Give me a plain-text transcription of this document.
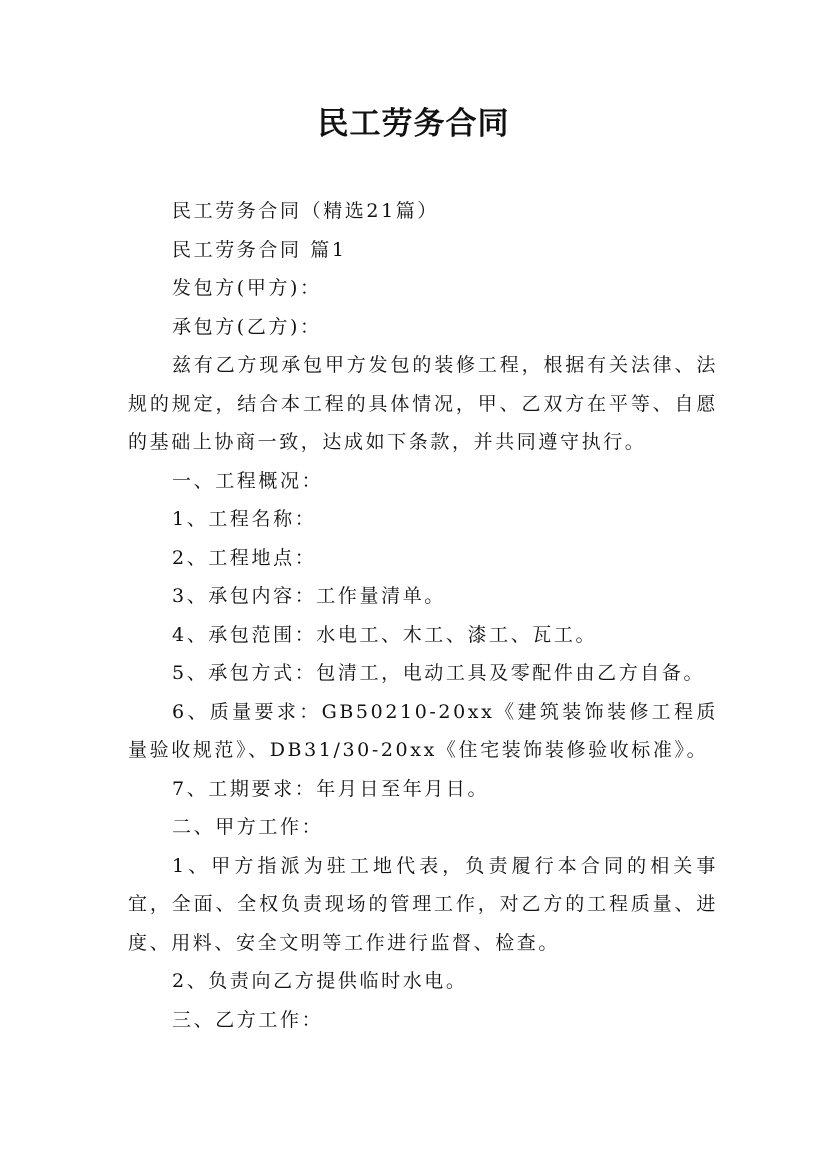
民工劳务合同

民工劳务合同（精选21篇）

民工劳务合同 篇1

发包方(甲方)：

承包方(乙方)：

兹有乙方现承包甲方发包的装修工程，根据有关法律、法规的规定，结合本工程的具体情况，甲、乙双方在平等、自愿的基础上协商一致，达成如下条款，并共同遵守执行。

一、工程概况：

1、工程名称：

2、工程地点：

3、承包内容：工作量清单。

4、承包范围：水电工、木工、漆工、瓦工。

5、承包方式：包清工，电动工具及零配件由乙方自备。

6、质量要求：GB50210-20xx《建筑装饰装修工程质量验收规范》、DB31/30-20xx《住宅装饰装修验收标准》。

7、工期要求：年月日至年月日。

二、甲方工作：

1、甲方指派为驻工地代表，负责履行本合同的相关事宜，全面、全权负责现场的管理工作，对乙方的工程质量、进度、用料、安全文明等工作进行监督、检查。

2、负责向乙方提供临时水电。

三、乙方工作：
